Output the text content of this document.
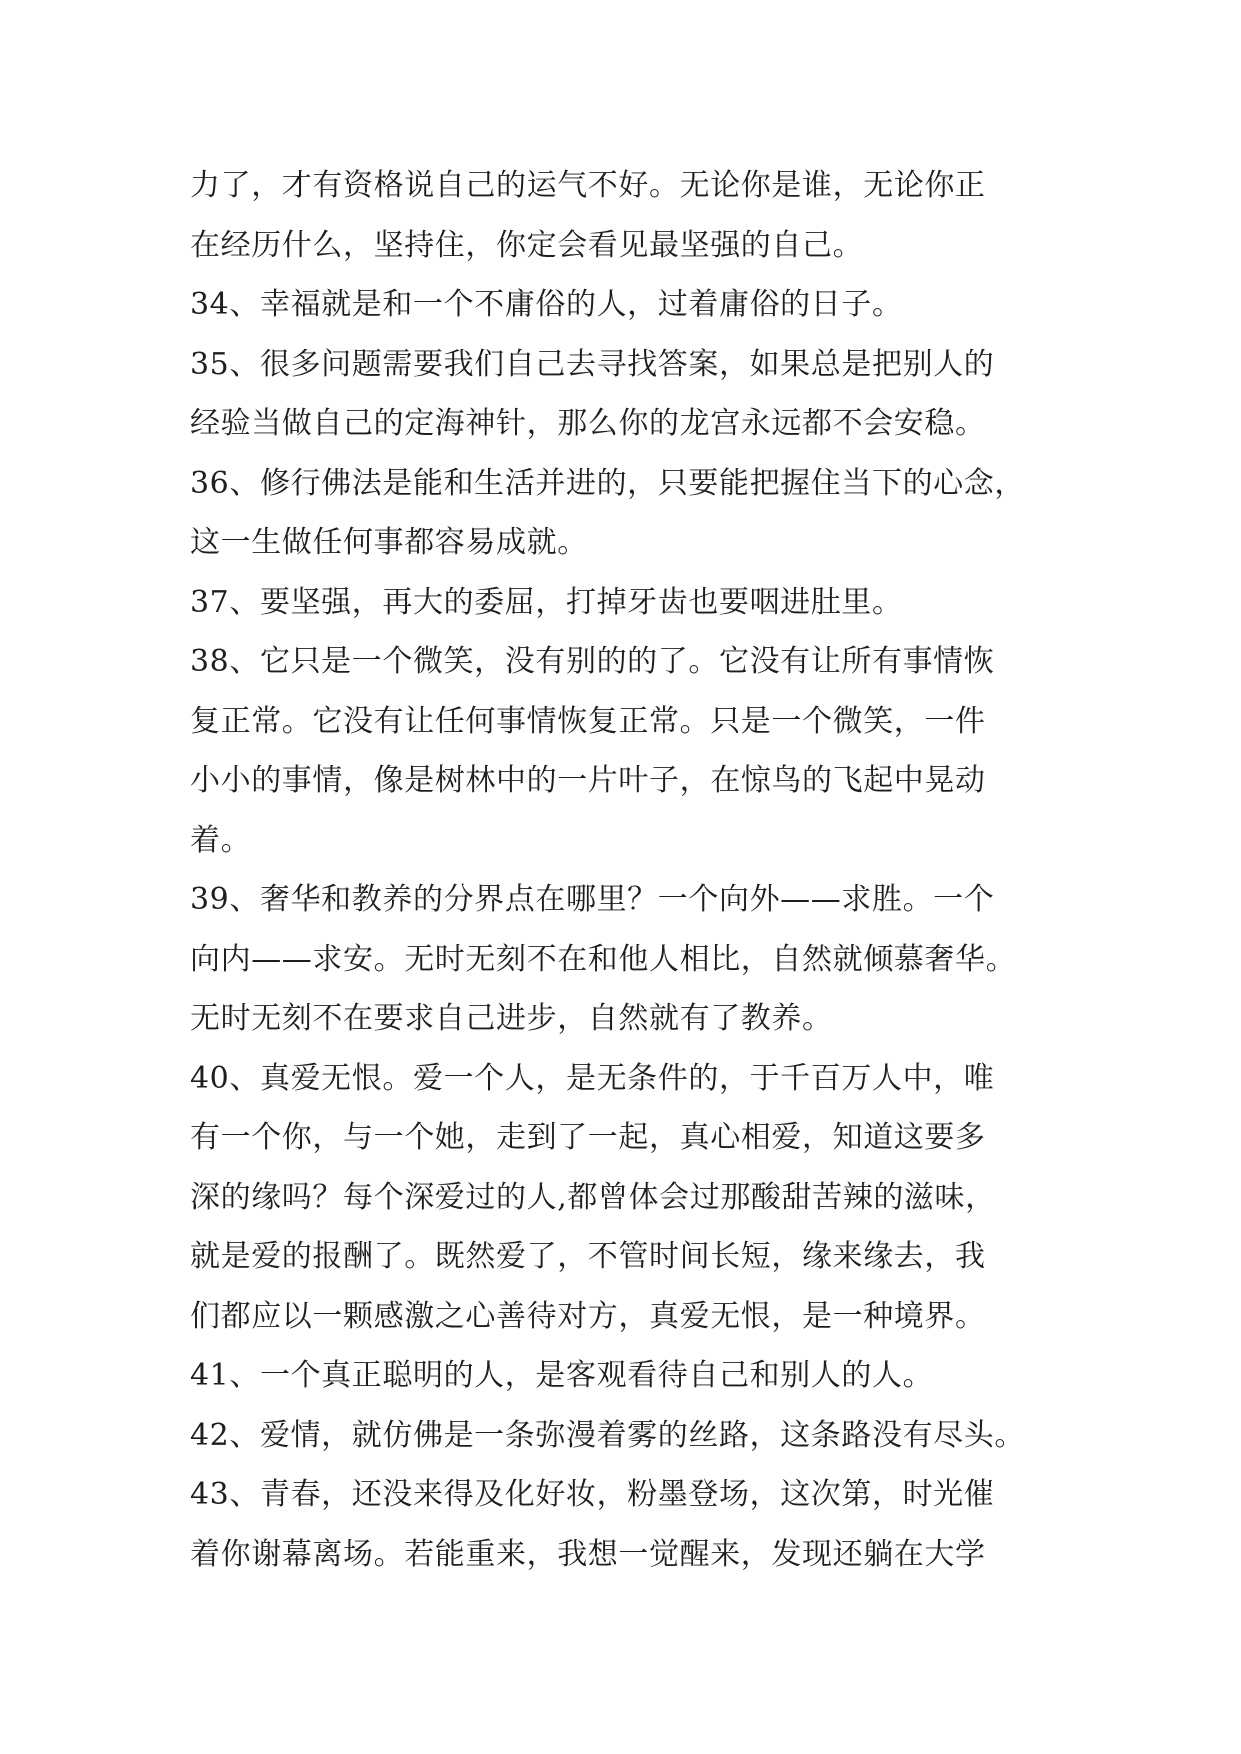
力了，才有资格说自己的运气不好。无论你是谁，无论你正
在经历什么，坚持住，你定会看见最坚强的自己。
34、幸福就是和一个不庸俗的人，过着庸俗的日子。
35、很多问题需要我们自己去寻找答案，如果总是把别人的
经验当做自己的定海神针，那么你的龙宫永远都不会安稳。
36、修行佛法是能和生活并进的，只要能把握住当下的心念，
这一生做任何事都容易成就。
37、要坚强，再大的委屈，打掉牙齿也要咽进肚里。
38、它只是一个微笑，没有别的的了。它没有让所有事情恢
复正常。它没有让任何事情恢复正常。只是一个微笑，一件
小小的事情，像是树林中的一片叶子，在惊鸟的飞起中晃动
着。
39、奢华和教养的分界点在哪里？一个向外——求胜。一个
向内——求安。无时无刻不在和他人相比，自然就倾慕奢华。
无时无刻不在要求自己进步，自然就有了教养。
40、真爱无恨。爱一个人，是无条件的，于千百万人中，唯
有一个你，与一个她，走到了一起，真心相爱，知道这要多
深的缘吗？每个深爱过的人,都曾体会过那酸甜苦辣的滋味，
就是爱的报酬了。既然爱了，不管时间长短，缘来缘去，我
们都应以一颗感激之心善待对方，真爱无恨，是一种境界。
41、一个真正聪明的人，是客观看待自己和别人的人。
42、爱情，就仿佛是一条弥漫着雾的丝路，这条路没有尽头。
43、青春，还没来得及化好妆，粉墨登场，这次第，时光催
着你谢幕离场。若能重来，我想一觉醒来，发现还躺在大学
